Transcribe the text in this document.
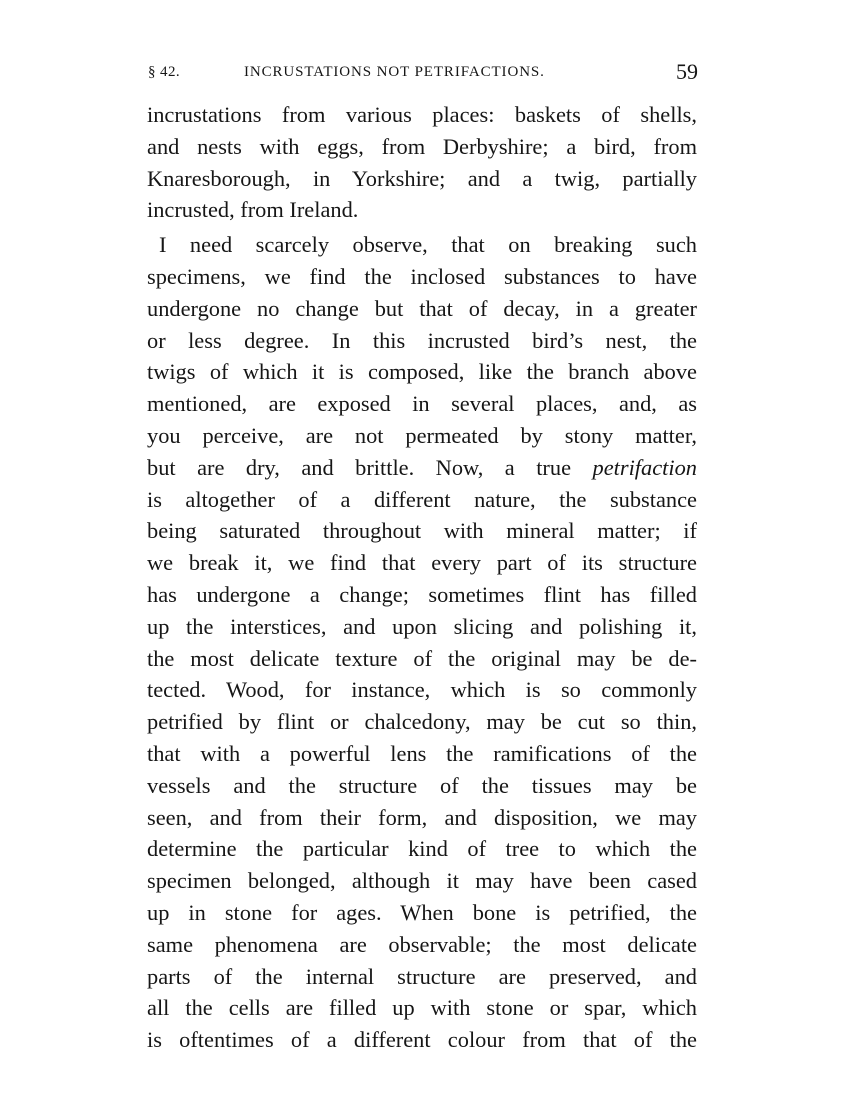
§ 42.	INCRUSTATIONS NOT PETRIFACTIONS.	59
incrustations from various places: baskets of shells,
and nests with eggs, from Derbyshire; a bird, from
Knaresborough, in Yorkshire; and a twig, partially
incrusted, from Ireland.
I need scarcely observe, that on breaking such
specimens, we find the inclosed substances to have
undergone no change but that of decay, in a greater
or less degree. In this incrusted bird’s nest, the
twigs of which it is composed, like the branch above
mentioned, are exposed in several places, and, as
you perceive, are not permeated by stony matter,
but are dry, and brittle. Now, a true petrifaction
is altogether of a different nature, the substance
being saturated throughout with mineral matter; if
we break it, we find that every part of its structure
has undergone a change; sometimes flint has filled
up the interstices, and upon slicing and polishing it,
the most delicate texture of the original may be de-
tected. Wood, for instance, which is so commonly
petrified by flint or chalcedony, may be cut so thin,
that with a powerful lens the ramifications of the
vessels and the structure of the tissues may be
seen, and from their form, and disposition, we may
determine the particular kind of tree to which the
specimen belonged, although it may have been cased
up in stone for ages. When bone is petrified, the
same phenomena are observable; the most delicate
parts of the internal structure are preserved, and
all the cells are filled up with stone or spar, which
is oftentimes of a different colour from that of the
